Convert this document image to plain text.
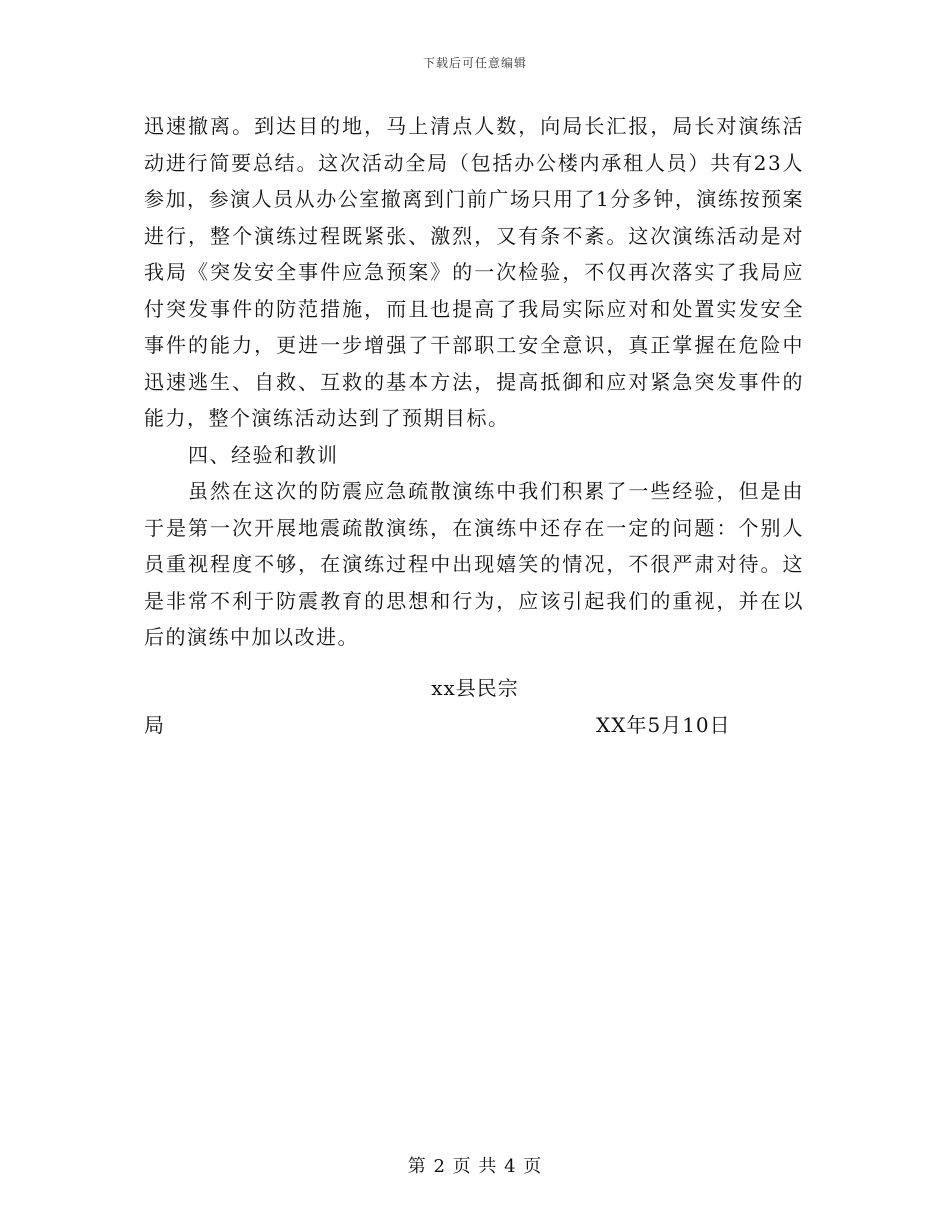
下载后可任意编辑

迅速撤离。到达目的地，马上清点人数，向局长汇报，局长对演练活动进行简要总结。这次活动全局（包括办公楼内承租人员）共有23人参加，参演人员从办公室撤离到门前广场只用了1分多钟，演练按预案进行，整个演练过程既紧张、激烈，又有条不紊。这次演练活动是对我局《突发安全事件应急预案》的一次检验，不仅再次落实了我局应付突发事件的防范措施，而且也提高了我局实际应对和处置实发安全事件的能力，更进一步增强了干部职工安全意识，真正掌握在危险中迅速逃生、自救、互救的基本方法，提高抵御和应对紧急突发事件的能力，整个演练活动达到了预期目标。

四、经验和教训

虽然在这次的防震应急疏散演练中我们积累了一些经验，但是由于是第一次开展地震疏散演练，在演练中还存在一定的问题：个别人员重视程度不够，在演练过程中出现嬉笑的情况，不很严肃对待。这是非常不利于防震教育的思想和行为，应该引起我们的重视，并在以后的演练中加以改进。

xx县民宗
局	XX年5月10日
第 2 页 共 4 页
